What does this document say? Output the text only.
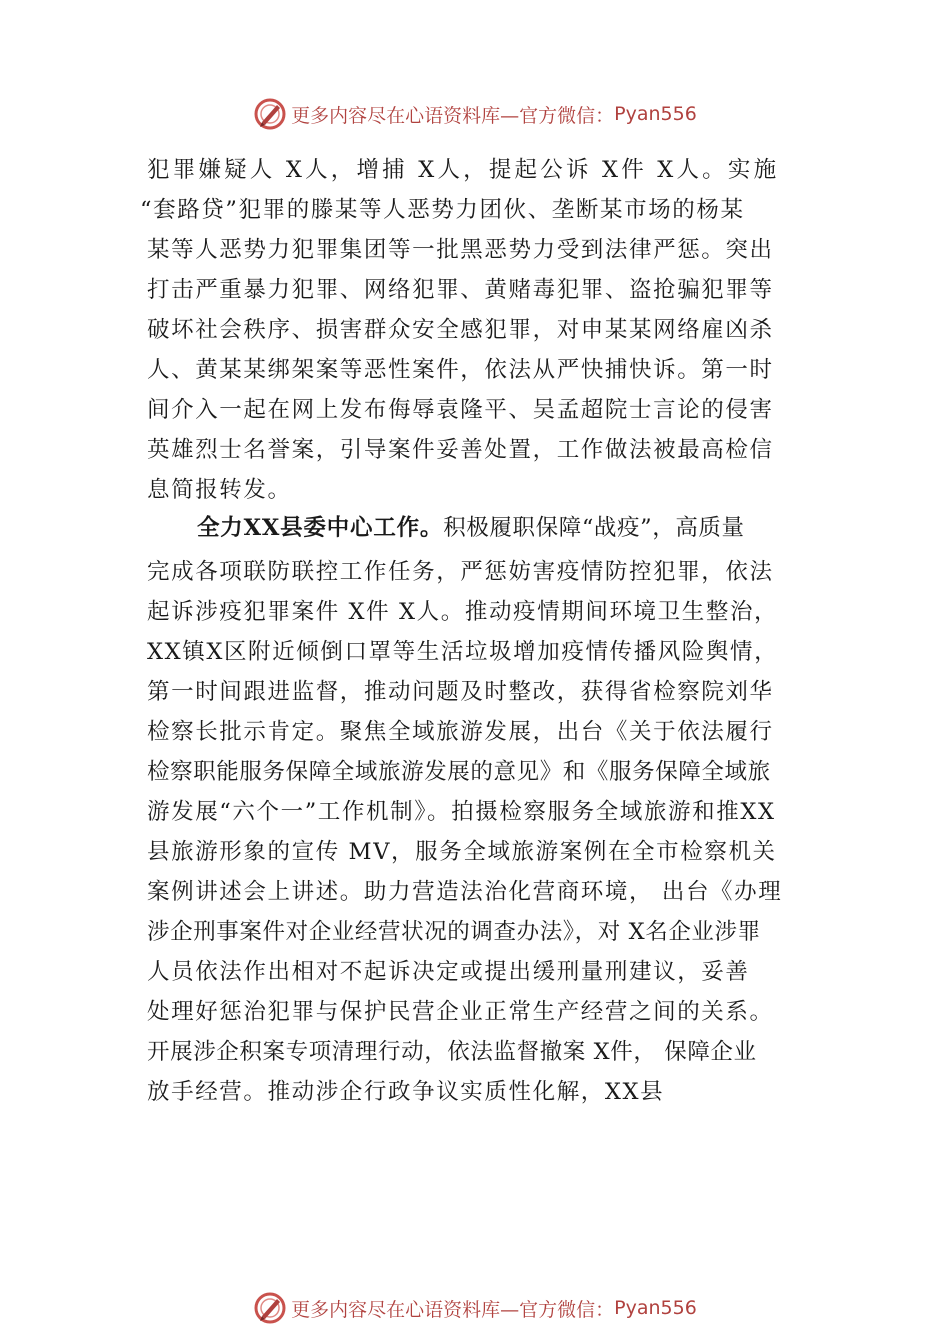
更多内容尽在心语资料库—官方微信： Pyan556
犯罪嫌疑人 X人，增捕 X人，提起公诉 X件 X人。实施
“套路贷”犯罪的滕某等人恶势力团伙、垄断某市场的杨某
某等人恶势力犯罪集团等一批黑恶势力受到法律严惩。突出
打击严重暴力犯罪、网络犯罪、黄赌毒犯罪、盗抢骗犯罪等
破坏社会秩序、损害群众安全感犯罪，对申某某网络雇凶杀
人、黄某某绑架案等恶性案件，依法从严快捕快诉。第一时
间介入一起在网上发布侮辱袁隆平、吴孟超院士言论的侵害
英雄烈士名誉案，引导案件妥善处置，工作做法被最高检信
息简报转发。
全力XX县委中心工作。积极履职保障“战疫”，高质量
完成各项联防联控工作任务，严惩妨害疫情防控犯罪，依法
起诉涉疫犯罪案件 X件 X人。推动疫情期间环境卫生整治，
XX镇X区附近倾倒口罩等生活垃圾增加疫情传播风险舆情，
第一时间跟进监督，推动问题及时整改，获得省检察院刘华
检察长批示肯定。聚焦全域旅游发展，出台《关于依法履行
检察职能服务保障全域旅游发展的意见》和《服务保障全域旅
游发展“六个一”工作机制》。拍摄检察服务全域旅游和推XX
县旅游形象的宣传 MV，服务全域旅游案例在全市检察机关
案例讲述会上讲述。助力营造法治化营商环境， 出台《办理
涉企刑事案件对企业经营状况的调查办法》，对 X名企业涉罪
人员依法作出相对不起诉决定或提出缓刑量刑建议，妥善
处理好惩治犯罪与保护民营企业正常生产经营之间的关系。
开展涉企积案专项清理行动，依法监督撤案 X件， 保障企业
放手经营。推动涉企行政争议实质性化解，XX县
更多内容尽在心语资料库—官方微信： Pyan556
